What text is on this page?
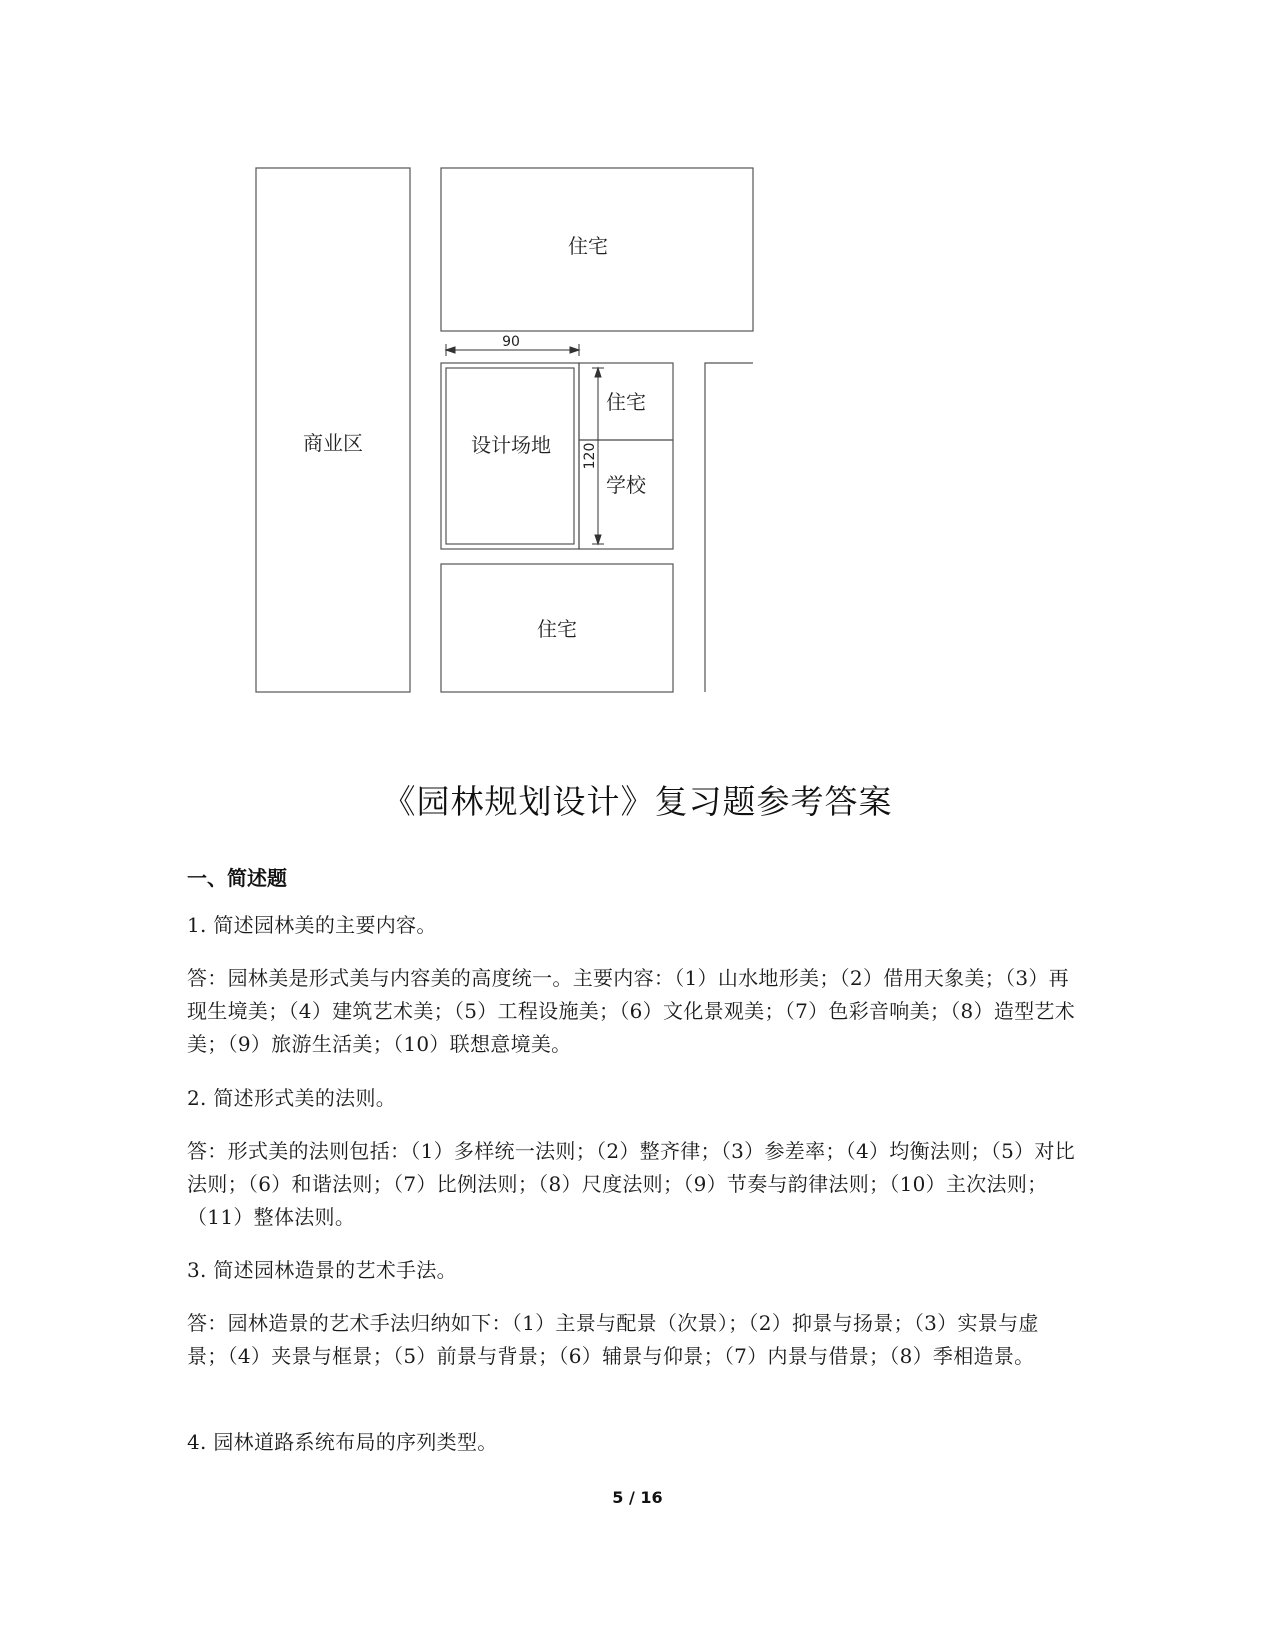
商业区
住宅
设计场地
住宅
学校
住宅
90
120
《园林规划设计》复习题参考答案
一、简述题

1. 简述园林美的主要内容。

答：园林美是形式美与内容美的高度统一。主要内容：（1）山水地形美；（2）借用天象美；（3）再现生境美；（4）建筑艺术美；（5）工程设施美；（6）文化景观美；（7）色彩音响美；（8）造型艺术美；（9）旅游生活美；（10）联想意境美。

2. 简述形式美的法则。

答：形式美的法则包括：（1）多样统一法则；（2）整齐律；（3）参差率；（4）均衡法则；（5）对比法则；（6）和谐法则；（7）比例法则；（8）尺度法则；（9）节奏与韵律法则；（10）主次法则；（11）整体法则。

3. 简述园林造景的艺术手法。

答：园林造景的艺术手法归纳如下：（1）主景与配景（次景）；（2）抑景与扬景；（3）实景与虚景；（4）夹景与框景；（5）前景与背景；（6）辅景与仰景；（7）内景与借景；（8）季相造景。

4. 园林道路系统布局的序列类型。

5 / 16
